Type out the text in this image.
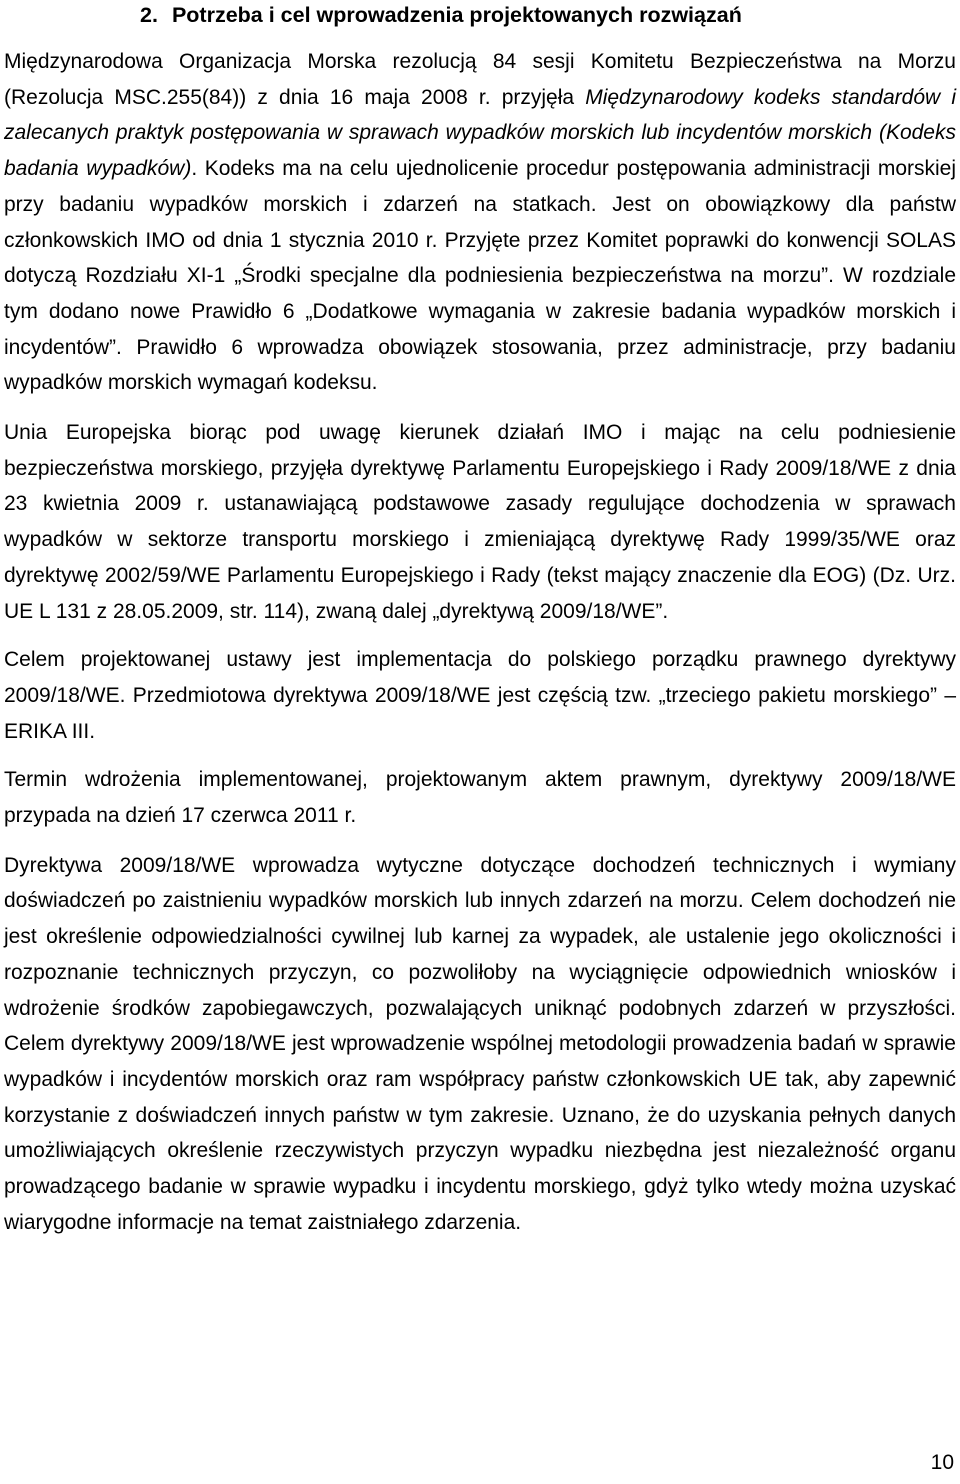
2. Potrzeba i cel wprowadzenia projektowanych rozwiązań

Międzynarodowa Organizacja Morska rezolucją 84 sesji Komitetu Bezpieczeństwa na Morzu (Rezolucja MSC.255(84)) z dnia 16 maja 2008 r. przyjęła Międzynarodowy kodeks standardów i zalecanych praktyk postępowania w sprawach wypadków morskich lub incydentów morskich (Kodeks badania wypadków). Kodeks ma na celu ujednolicenie procedur postępowania administracji morskiej przy badaniu wypadków morskich i zdarzeń na statkach. Jest on obowiązkowy dla państw członkowskich IMO od dnia 1 stycznia 2010 r. Przyjęte przez Komitet poprawki do konwencji SOLAS dotyczą Rozdziału XI-1 „Środki specjalne dla podniesienia bezpieczeństwa na morzu”. W rozdziale tym dodano nowe Prawidło 6 „Dodatkowe wymagania w zakresie badania wypadków morskich i incydentów”. Prawidło 6 wprowadza obowiązek stosowania, przez administracje, przy badaniu wypadków morskich wymagań kodeksu.

Unia Europejska biorąc pod uwagę kierunek działań IMO i mając na celu podniesienie bezpieczeństwa morskiego, przyjęła dyrektywę Parlamentu Europejskiego i Rady 2009/18/WE z dnia 23 kwietnia 2009 r. ustanawiającą podstawowe zasady regulujące dochodzenia w sprawach wypadków w sektorze transportu morskiego i zmieniającą dyrektywę Rady 1999/35/WE oraz dyrektywę 2002/59/WE Parlamentu Europejskiego i Rady (tekst mający znaczenie dla EOG) (Dz. Urz. UE L 131 z 28.05.2009, str. 114), zwaną dalej „dyrektywą 2009/18/WE”.

Celem projektowanej ustawy jest implementacja do polskiego porządku prawnego dyrektywy 2009/18/WE. Przedmiotowa dyrektywa 2009/18/WE jest częścią tzw. „trzeciego pakietu morskiego” ‒ ERIKA III.

Termin wdrożenia implementowanej, projektowanym aktem prawnym, dyrektywy 2009/18/WE przypada na dzień 17 czerwca 2011 r.

Dyrektywa 2009/18/WE wprowadza wytyczne dotyczące dochodzeń technicznych i wymiany doświadczeń po zaistnieniu wypadków morskich lub innych zdarzeń na morzu. Celem dochodzeń nie jest określenie odpowiedzialności cywilnej lub karnej za wypadek, ale ustalenie jego okoliczności i rozpoznanie technicznych przyczyn, co pozwoliłoby na wyciągnięcie odpowiednich wniosków i wdrożenie środków zapobiegawczych, pozwalających uniknąć podobnych zdarzeń w przyszłości. Celem dyrektywy 2009/18/WE jest wprowadzenie wspólnej metodologii prowadzenia badań w sprawie wypadków i incydentów morskich oraz ram współpracy państw członkowskich UE tak, aby zapewnić korzystanie z doświadczeń innych państw w tym zakresie. Uznano, że do uzyskania pełnych danych umożliwiających określenie rzeczywistych przyczyn wypadku niezbędna jest niezależność organu prowadzącego badanie w sprawie wypadku i incydentu morskiego, gdyż tylko wtedy można uzyskać wiarygodne informacje na temat zaistniałego zdarzenia.

10
